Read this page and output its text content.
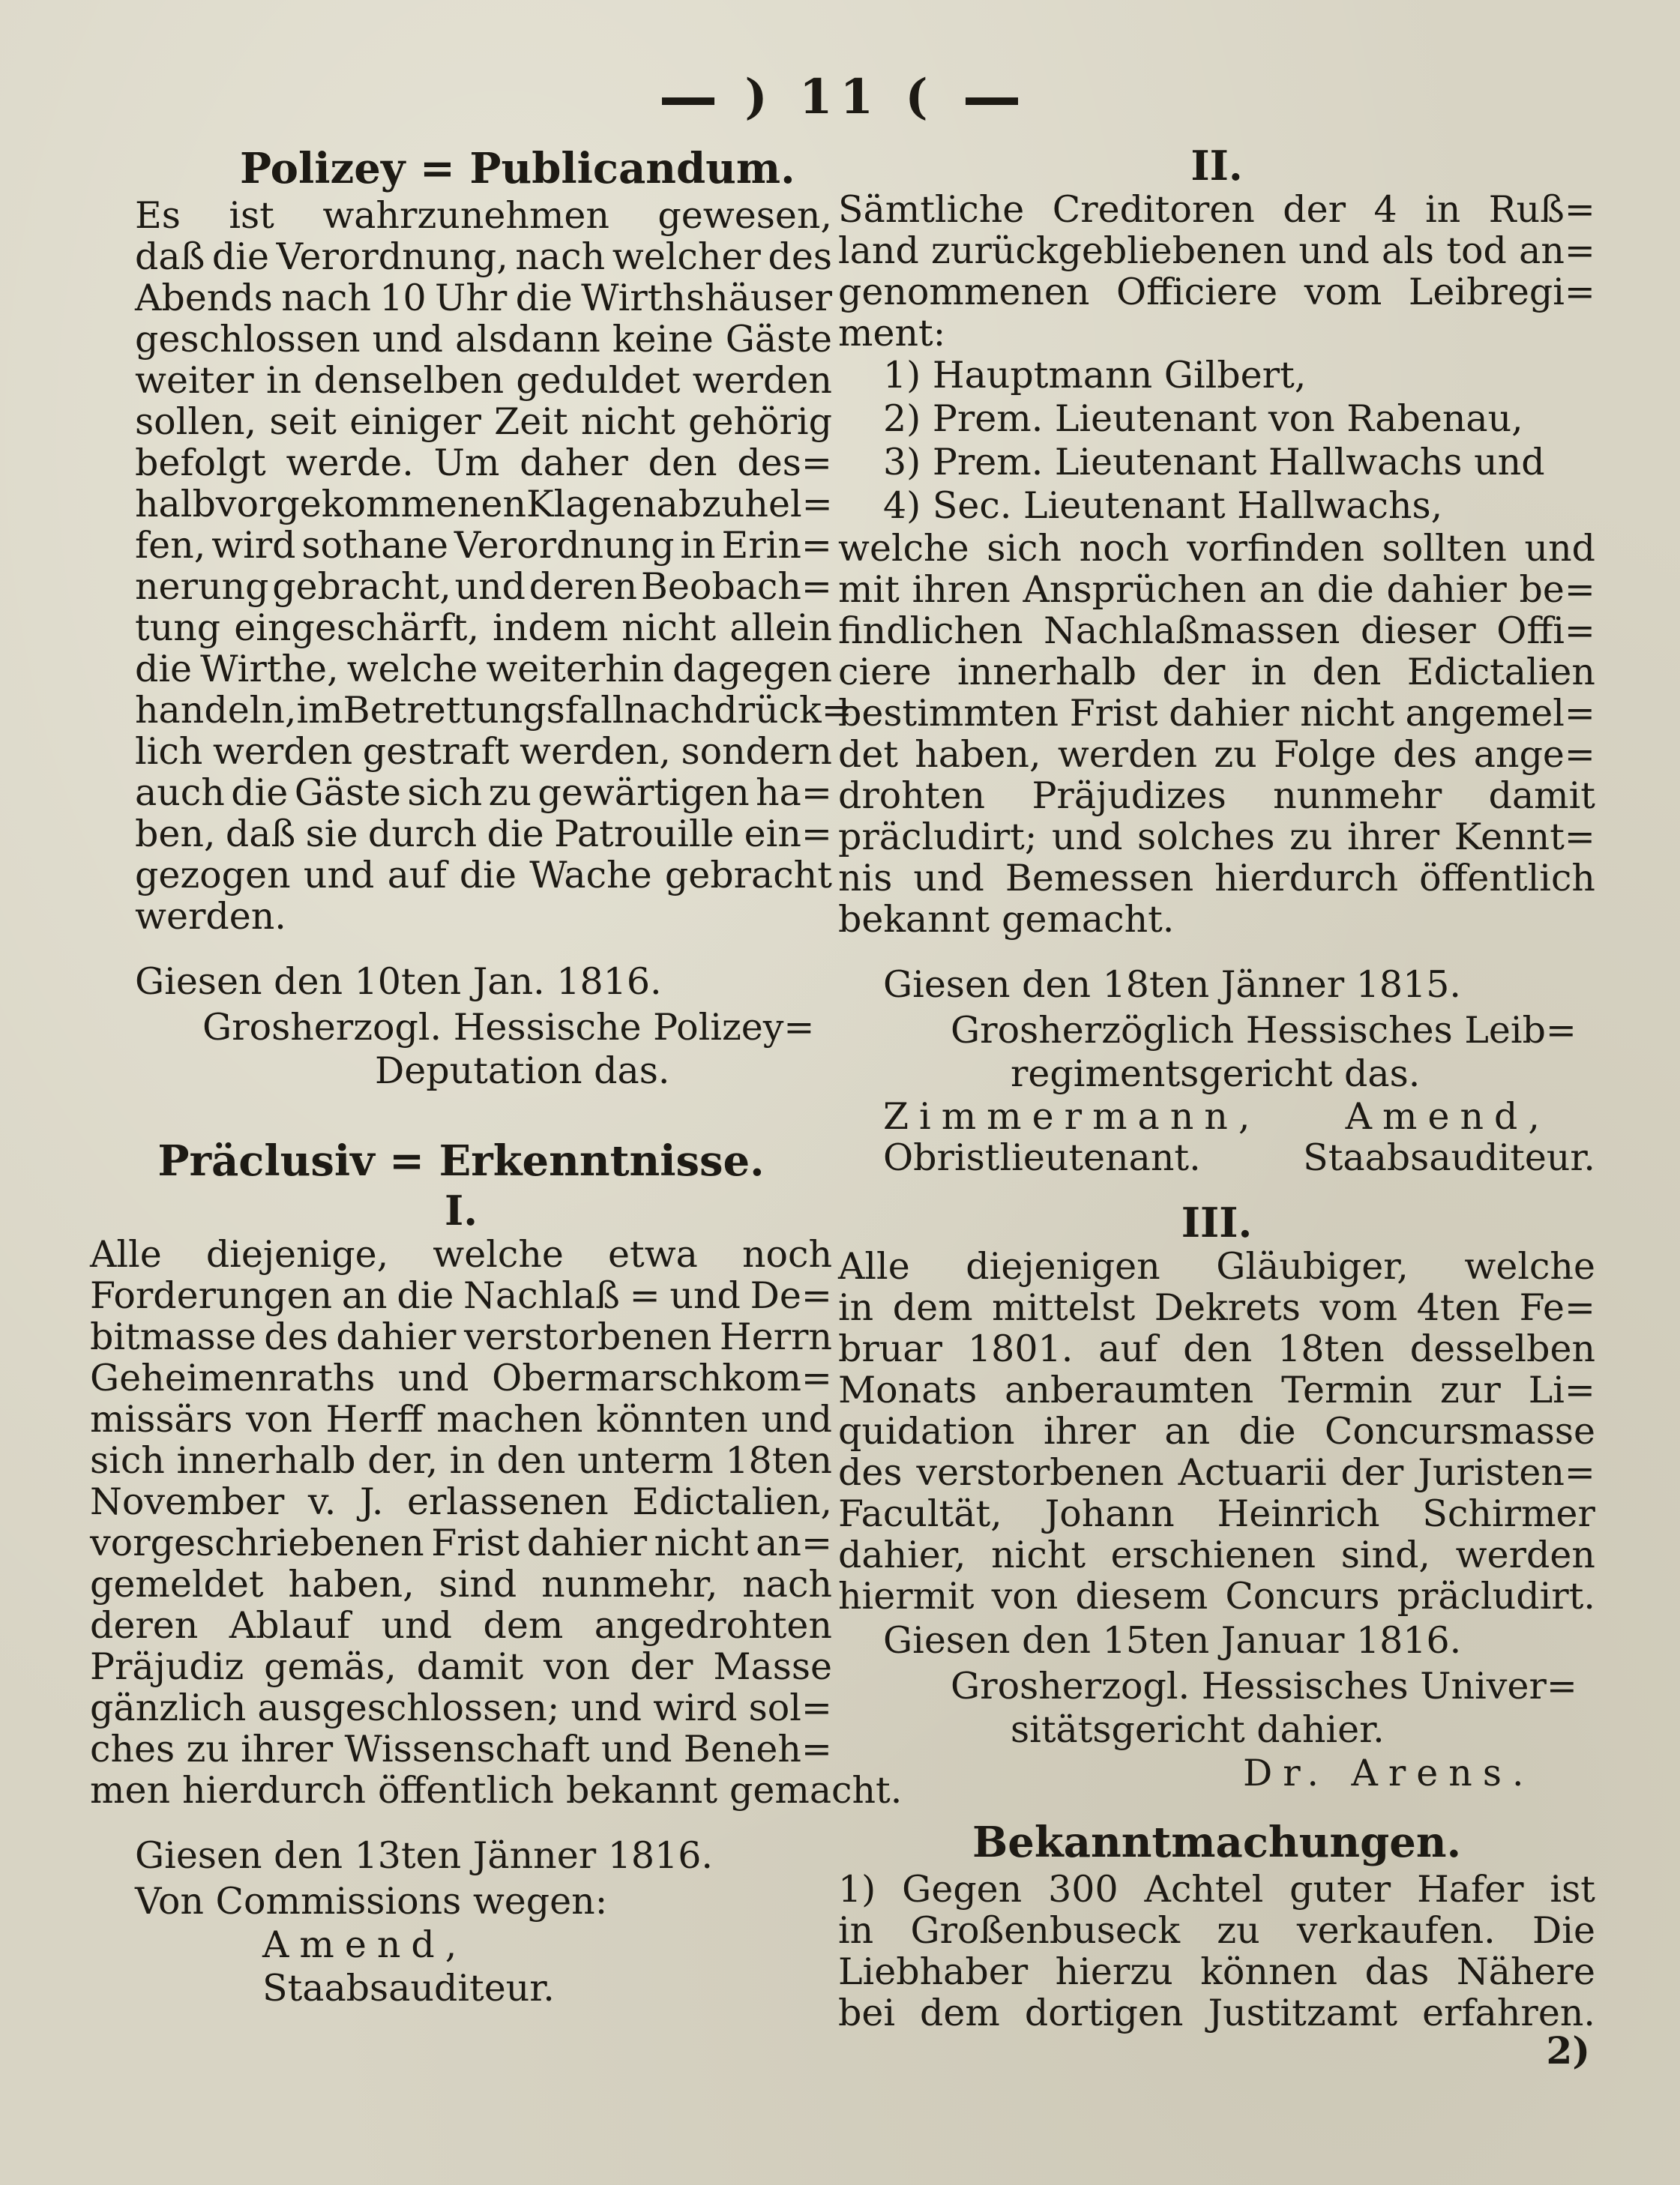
) 11 (
Polizey = Publicandum.
Es ist wahrzunehmen gewesen,
daß die Verordnung, nach welcher des
Abends nach 10 Uhr die Wirthshäuser
geschlossen und alsdann keine Gäste
weiter in denselben geduldet werden
sollen, seit einiger Zeit nicht gehörig
befolgt werde. Um daher den des=
halb vorgekommenen Klagen abzuhel=
fen, wird sothane Verordnung in Erin=
nerung gebracht, und deren Beobach=
tung eingeschärft, indem nicht allein
die Wirthe, welche weiterhin dagegen
handeln, im Betrettungsfall nachdrück=
lich werden gestraft werden, sondern
auch die Gäste sich zu gewärtigen ha=
ben, daß sie durch die Patrouille ein=
gezogen und auf die Wache gebracht
werden.
Giesen den 10ten Jan. 1816.
Grosherzogl. Hessische Polizey=
Deputation das.
Präclusiv = Erkenntnisse.
I.
Alle diejenige, welche etwa noch
Forderungen an die Nachlaß = und De=
bitmasse des dahier verstorbenen Herrn
Geheimenraths und Obermarschkom=
missärs von Herff machen könnten und
sich innerhalb der, in den unterm 18ten
November v. J. erlassenen Edictalien,
vorgeschriebenen Frist dahier nicht an=
gemeldet haben, sind nunmehr, nach
deren Ablauf und dem angedrohten
Präjudiz gemäs, damit von der Masse
gänzlich ausgeschlossen; und wird sol=
ches zu ihrer Wissenschaft und Beneh=
men hierdurch öffentlich bekannt gemacht.
Giesen den 13ten Jänner 1816.
Von Commissions wegen:
Amend,
Staabsauditeur.
II.
Sämtliche Creditoren der 4 in Ruß=
land zurückgebliebenen und als tod an=
genommenen Officiere vom Leibregi=
ment:
1) Hauptmann Gilbert,
2) Prem. Lieutenant von Rabenau,
3) Prem. Lieutenant Hallwachs und
4) Sec. Lieutenant Hallwachs,
welche sich noch vorfinden sollten und
mit ihren Ansprüchen an die dahier be=
findlichen Nachlaßmassen dieser Offi=
ciere innerhalb der in den Edictalien
bestimmten Frist dahier nicht angemel=
det haben, werden zu Folge des ange=
drohten Präjudizes nunmehr damit
präcludirt; und solches zu ihrer Kennt=
nis und Bemessen hierdurch öffentlich
bekannt gemacht.
Giesen den 18ten Jänner 1815.
Grosherzöglich Hessisches Leib=
regimentsgericht das.
Zimmermann, Amend,
Obristlieutenant.	Staabsauditeur.
III.
Alle diejenigen Gläubiger, welche
in dem mittelst Dekrets vom 4ten Fe=
bruar 1801. auf den 18ten desselben
Monats anberaumten Termin zur Li=
quidation ihrer an die Concursmasse
des verstorbenen Actuarii der Juristen=
Facultät, Johann Heinrich Schirmer
dahier, nicht erschienen sind, werden
hiermit von diesem Concurs präcludirt.
Giesen den 15ten Januar 1816.
Grosherzogl. Hessisches Univer=
sitätsgericht dahier.
Dr. Arens.
Bekanntmachungen.
1) Gegen 300 Achtel guter Hafer ist
in Großenbuseck zu verkaufen. Die
Liebhaber hierzu können das Nähere
bei dem dortigen Justitzamt erfahren.
2)
